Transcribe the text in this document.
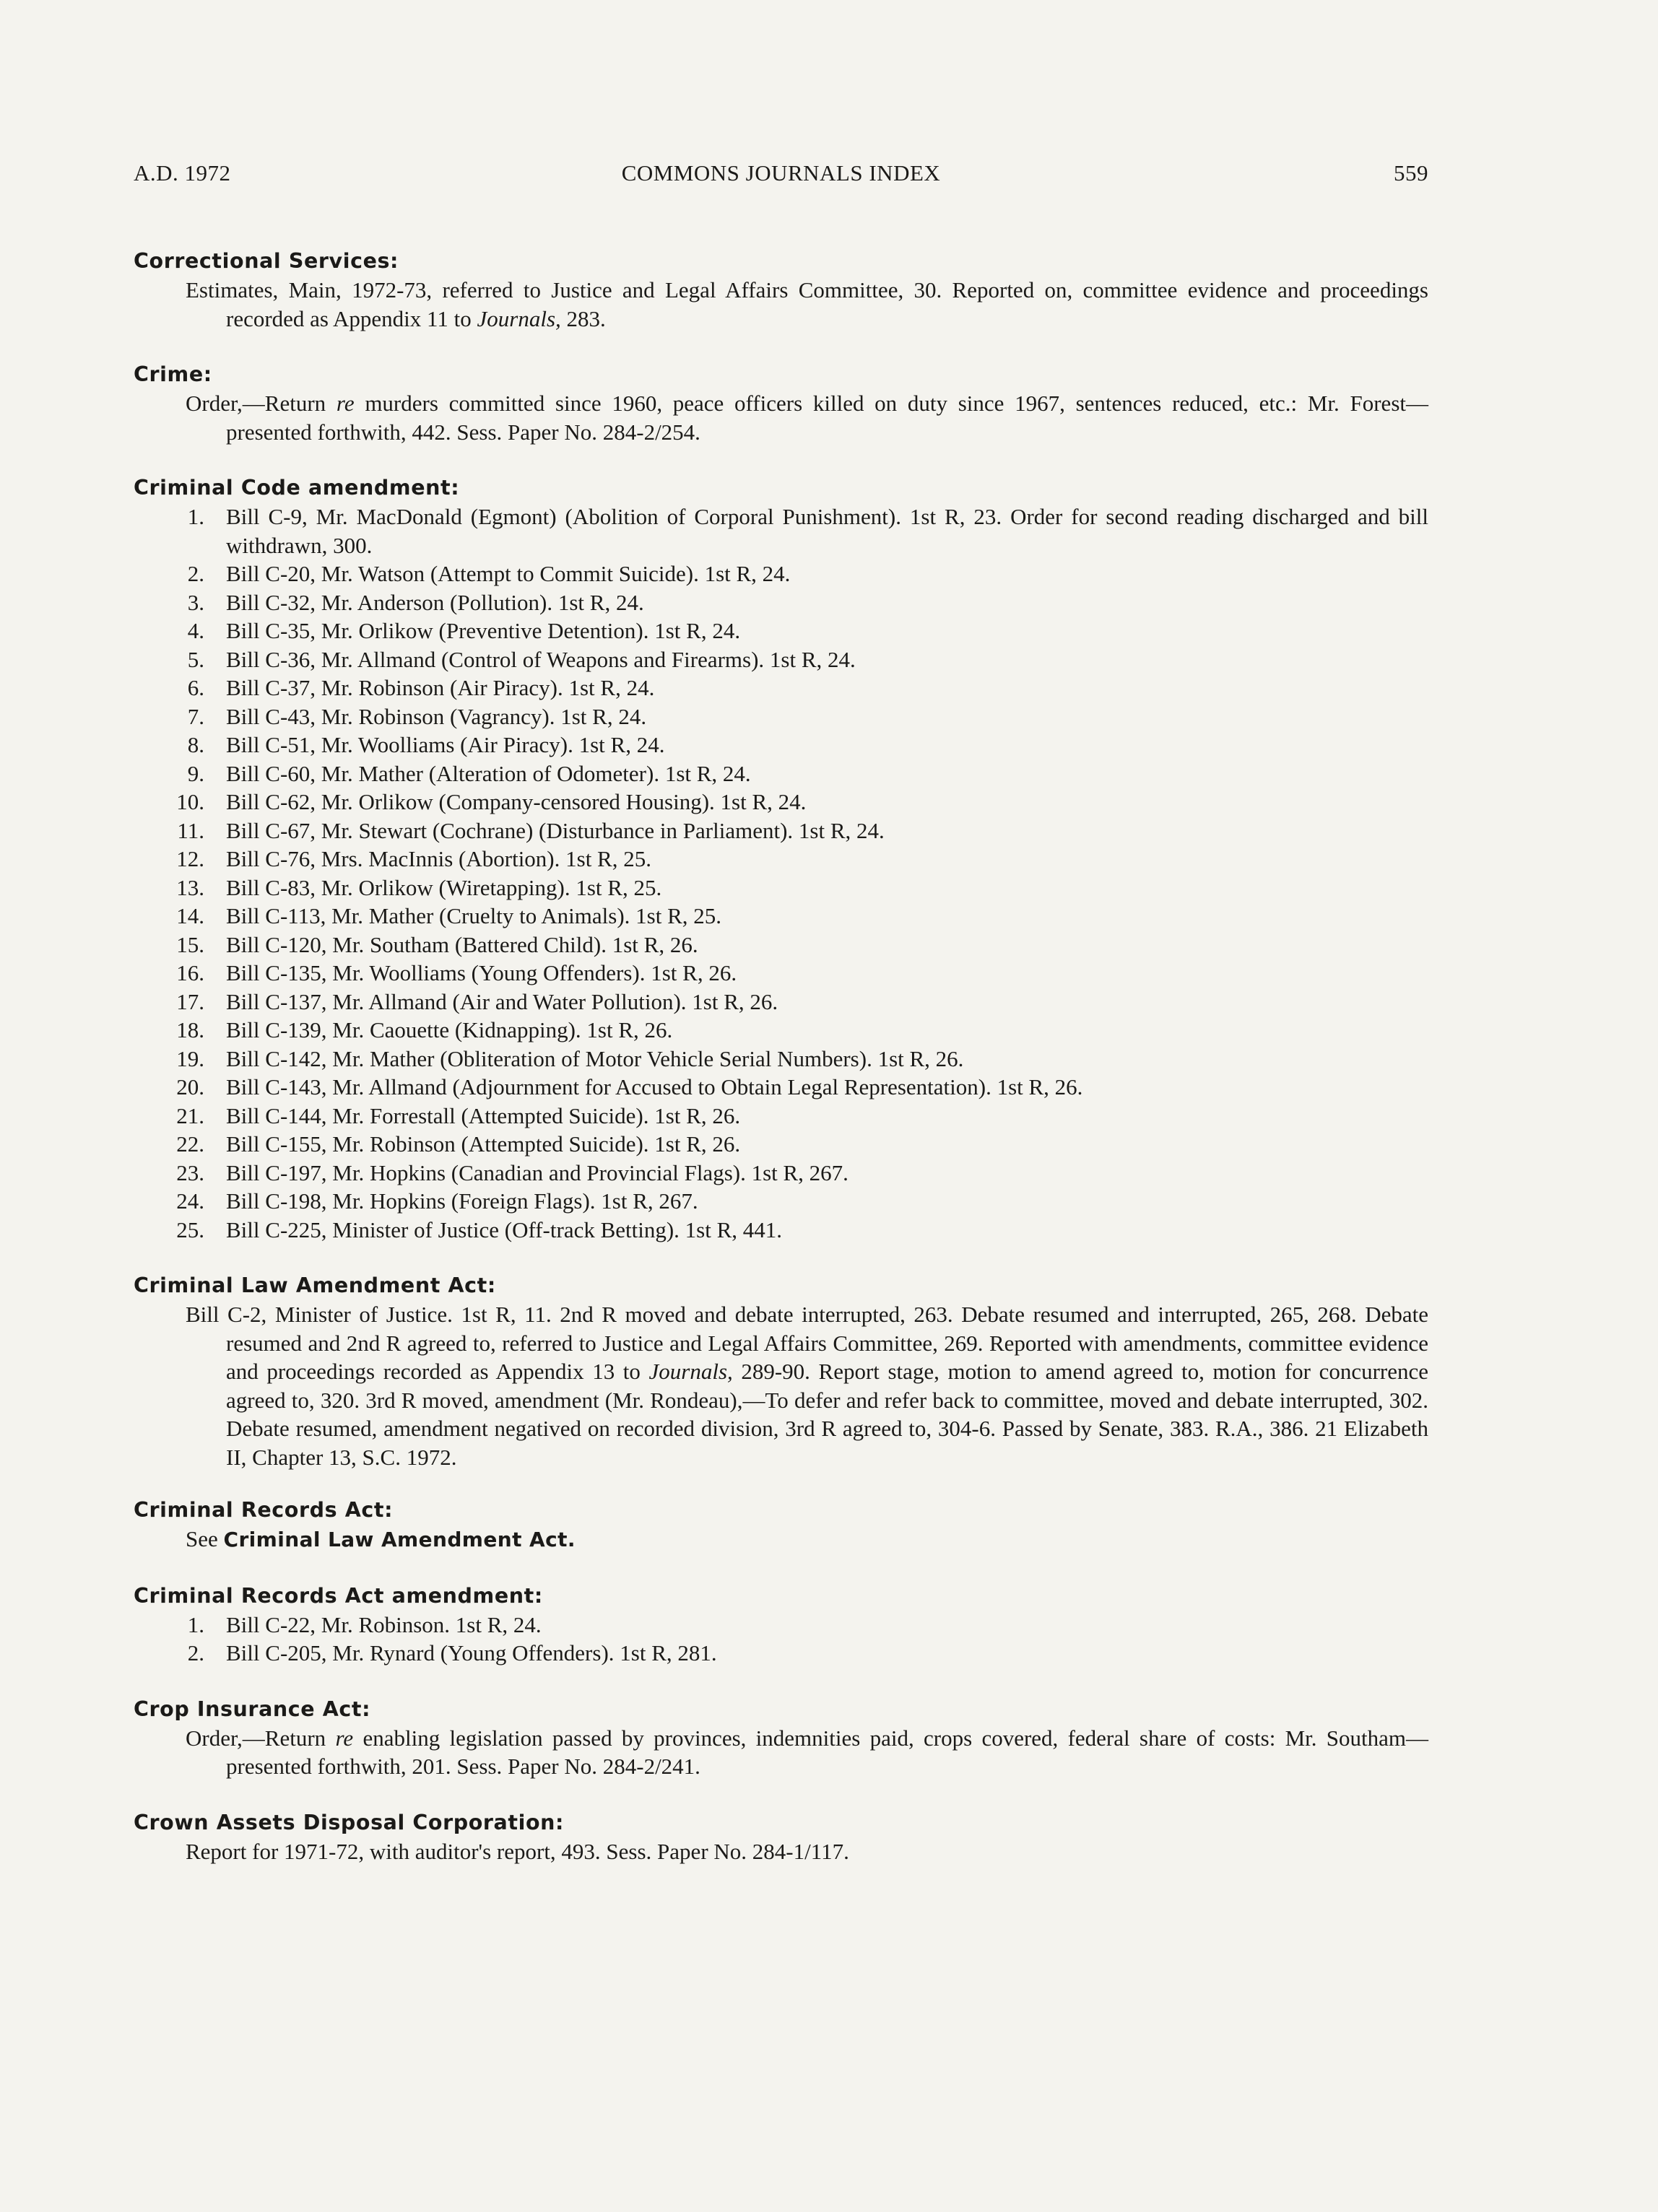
A.D. 1972	COMMONS JOURNALS INDEX	559
Correctional Services:
Estimates, Main, 1972-73, referred to Justice and Legal Affairs Committee, 30. Reported on, committee evidence and proceedings recorded as Appendix 11 to Journals, 283.
Crime:
Order,—Return re murders committed since 1960, peace officers killed on duty since 1967, sentences reduced, etc.: Mr. Forest—presented forthwith, 442. Sess. Paper No. 284-2/254.
Criminal Code amendment:
1. Bill C-9, Mr. MacDonald (Egmont) (Abolition of Corporal Punishment). 1st R, 23. Order for second reading discharged and bill withdrawn, 300.
2. Bill C-20, Mr. Watson (Attempt to Commit Suicide). 1st R, 24.
3. Bill C-32, Mr. Anderson (Pollution). 1st R, 24.
4. Bill C-35, Mr. Orlikow (Preventive Detention). 1st R, 24.
5. Bill C-36, Mr. Allmand (Control of Weapons and Firearms). 1st R, 24.
6. Bill C-37, Mr. Robinson (Air Piracy). 1st R, 24.
7. Bill C-43, Mr. Robinson (Vagrancy). 1st R, 24.
8. Bill C-51, Mr. Woolliams (Air Piracy). 1st R, 24.
9. Bill C-60, Mr. Mather (Alteration of Odometer). 1st R, 24.
10. Bill C-62, Mr. Orlikow (Company-censored Housing). 1st R, 24.
11. Bill C-67, Mr. Stewart (Cochrane) (Disturbance in Parliament). 1st R, 24.
12. Bill C-76, Mrs. MacInnis (Abortion). 1st R, 25.
13. Bill C-83, Mr. Orlikow (Wiretapping). 1st R, 25.
14. Bill C-113, Mr. Mather (Cruelty to Animals). 1st R, 25.
15. Bill C-120, Mr. Southam (Battered Child). 1st R, 26.
16. Bill C-135, Mr. Woolliams (Young Offenders). 1st R, 26.
17. Bill C-137, Mr. Allmand (Air and Water Pollution). 1st R, 26.
18. Bill C-139, Mr. Caouette (Kidnapping). 1st R, 26.
19. Bill C-142, Mr. Mather (Obliteration of Motor Vehicle Serial Numbers). 1st R, 26.
20. Bill C-143, Mr. Allmand (Adjournment for Accused to Obtain Legal Representation). 1st R, 26.
21. Bill C-144, Mr. Forrestall (Attempted Suicide). 1st R, 26.
22. Bill C-155, Mr. Robinson (Attempted Suicide). 1st R, 26.
23. Bill C-197, Mr. Hopkins (Canadian and Provincial Flags). 1st R, 267.
24. Bill C-198, Mr. Hopkins (Foreign Flags). 1st R, 267.
25. Bill C-225, Minister of Justice (Off-track Betting). 1st R, 441.
Criminal Law Amendment Act:
Bill C-2, Minister of Justice. 1st R, 11. 2nd R moved and debate interrupted, 263. Debate resumed and interrupted, 265, 268. Debate resumed and 2nd R agreed to, referred to Justice and Legal Affairs Committee, 269. Reported with amendments, committee evidence and proceedings recorded as Appendix 13 to Journals, 289-90. Report stage, motion to amend agreed to, motion for concurrence agreed to, 320. 3rd R moved, amendment (Mr. Rondeau),—To defer and refer back to committee, moved and debate interrupted, 302. Debate resumed, amendment negatived on recorded division, 3rd R agreed to, 304-6. Passed by Senate, 383. R.A., 386. 21 Elizabeth II, Chapter 13, S.C. 1972.
Criminal Records Act:
See Criminal Law Amendment Act.
Criminal Records Act amendment:
1. Bill C-22, Mr. Robinson. 1st R, 24.
2. Bill C-205, Mr. Rynard (Young Offenders). 1st R, 281.
Crop Insurance Act:
Order,—Return re enabling legislation passed by provinces, indemnities paid, crops covered, federal share of costs: Mr. Southam—presented forthwith, 201. Sess. Paper No. 284-2/241.
Crown Assets Disposal Corporation:
Report for 1971-72, with auditor's report, 493. Sess. Paper No. 284-1/117.
